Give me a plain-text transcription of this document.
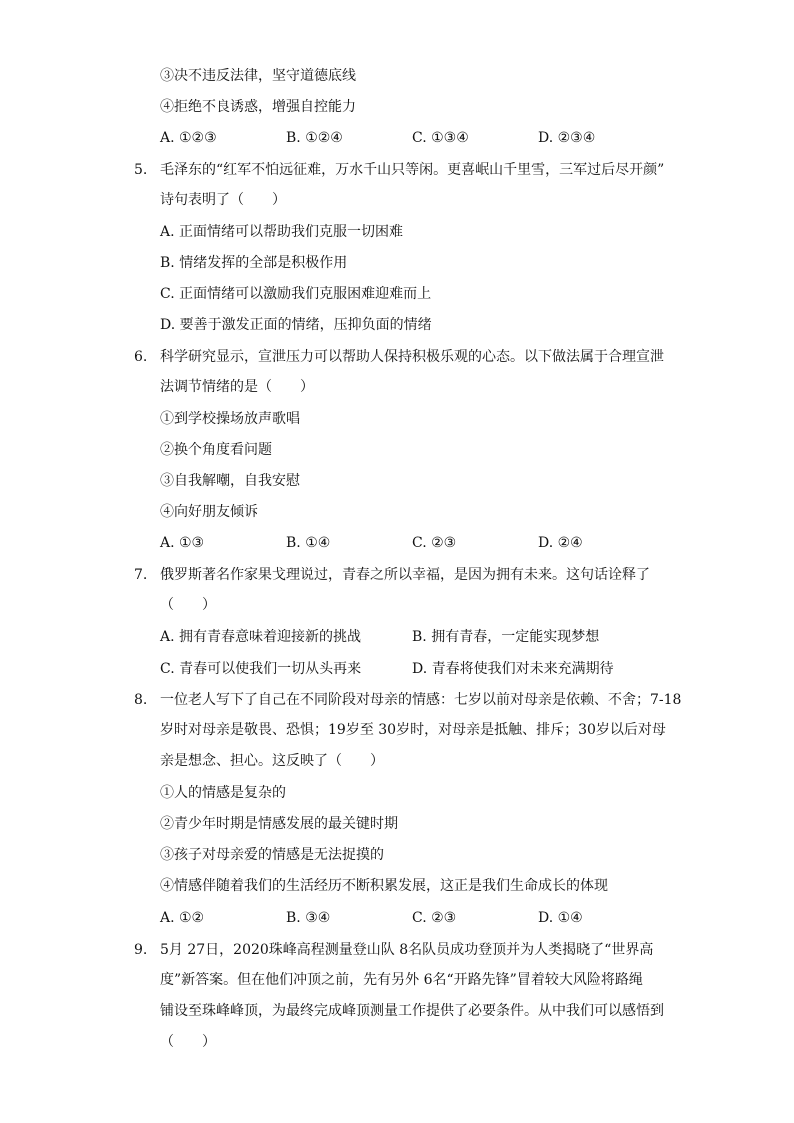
③决不违反法律，坚守道德底线
④拒绝不良诱惑，增强自控能力
A. ①②③	B. ①②④	C. ①③④	D. ②③④
5. 毛泽东的“红军不怕远征难，万水千山只等闲。更喜岷山千里雪，三军过后尽开颜”
诗句表明了（　　）
A. 正面情绪可以帮助我们克服一切困难
B. 情绪发挥的全部是积极作用
C. 正面情绪可以激励我们克服困难迎难而上
D. 要善于激发正面的情绪，压抑负面的情绪
6. 科学研究显示，宣泄压力可以帮助人保持积极乐观的心态。以下做法属于合理宣泄
法调节情绪的是（　　）
①到学校操场放声歌唱
②换个角度看问题
③自我解嘲，自我安慰
④向好朋友倾诉
A. ①③	B. ①④	C. ②③	D. ②④
7. 俄罗斯著名作家果戈理说过，青春之所以幸福，是因为拥有未来。这句话诠释了
（　　）
A. 拥有青春意味着迎接新的挑战	B. 拥有青春，一定能实现梦想
C. 青春可以使我们一切从头再来	D. 青春将使我们对未来充满期待
8. 一位老人写下了自己在不同阶段对母亲的情感：七岁以前对母亲是依赖、不舍；7-18
岁时对母亲是敬畏、恐惧；19岁至 30岁时，对母亲是抵触、排斥；30岁以后对母
亲是想念、担心。这反映了（　　）
①人的情感是复杂的
②青少年时期是情感发展的最关键时期
③孩子对母亲爱的情感是无法捉摸的
④情感伴随着我们的生活经历不断积累发展，这正是我们生命成长的体现
A. ①②	B. ③④	C. ②③	D. ①④
9. 5月 27日，2020珠峰高程测量登山队 8名队员成功登顶并为人类揭晓了“世界高
度”新答案。但在他们冲顶之前，先有另外 6名“开路先锋”冒着较大风险将路绳
铺设至珠峰峰顶，为最终完成峰顶测量工作提供了必要条件。从中我们可以感悟到
（　　）
